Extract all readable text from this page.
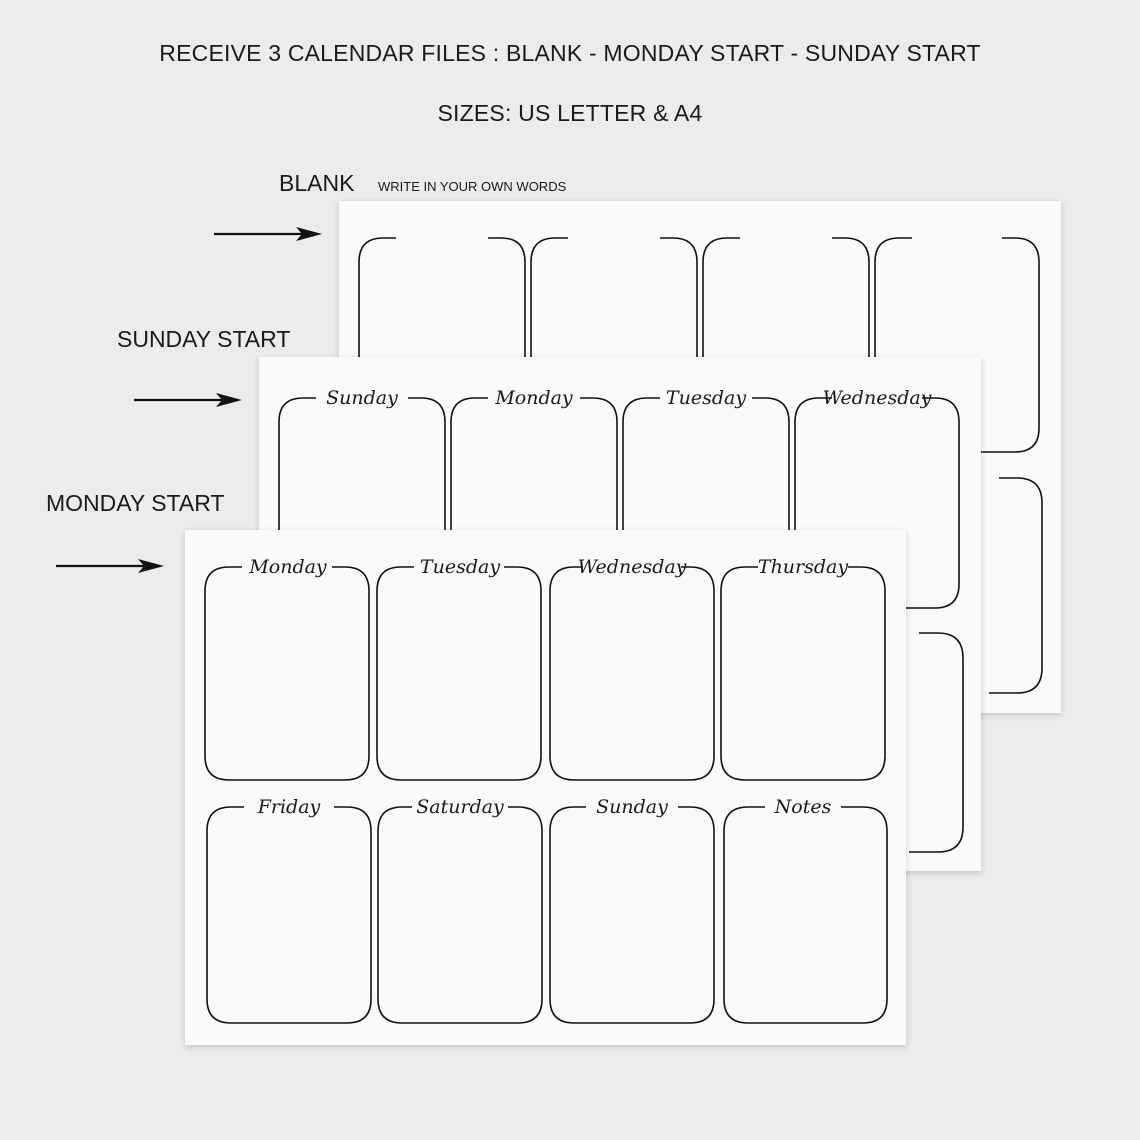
RECEIVE 3 CALENDAR FILES : BLANK - MONDAY START - SUNDAY START
SIZES: US LETTER & A4
BLANK WRITE IN YOUR OWN WORDS
SUNDAY START
MONDAY START
Sunday	Monday	Tuesday	Wednesday
Monday	Tuesday	Wednesday	Thursday
Friday	Saturday	Sunday	Notes
